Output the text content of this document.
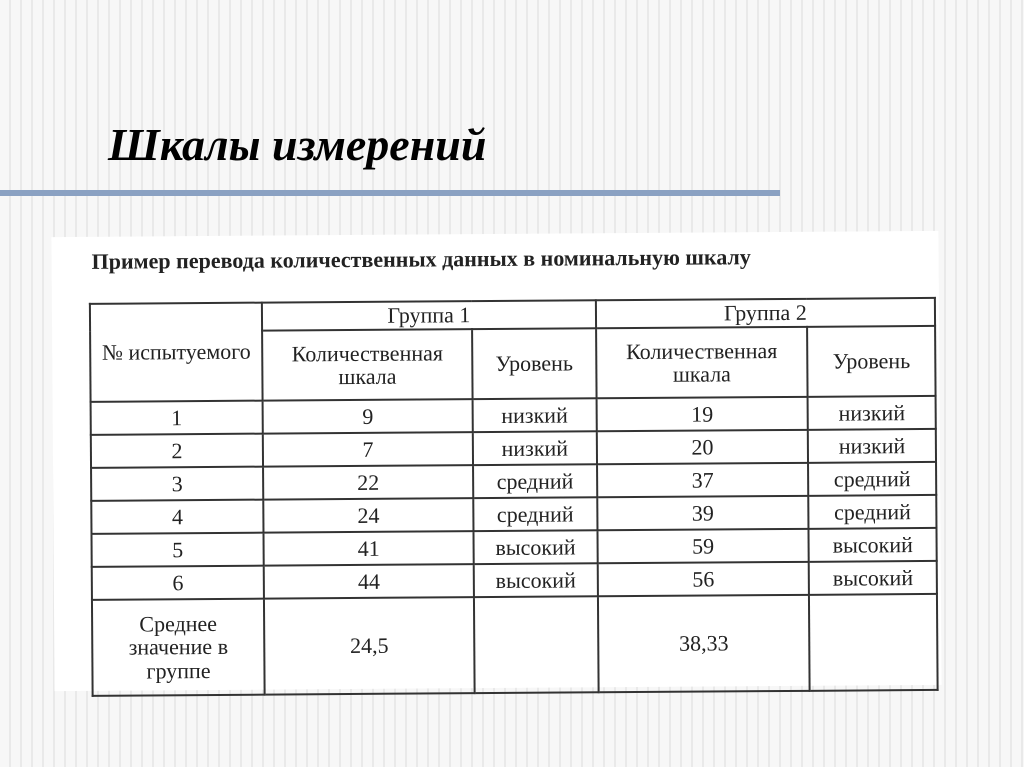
Шкалы измерений

Пример перевода количественных данных в номинальную шкалу

№ испытуемого	Группа 1		Группа 2	
	Количественная шкала	Уровень	Количественная шкала	Уровень
1	9	низкий	19	низкий
2	7	низкий	20	низкий
3	22	средний	37	средний
4	24	средний	39	средний
5	41	высокий	59	высокий
6	44	высокий	56	высокий
Среднее значение в группе	24,5		38,33	
